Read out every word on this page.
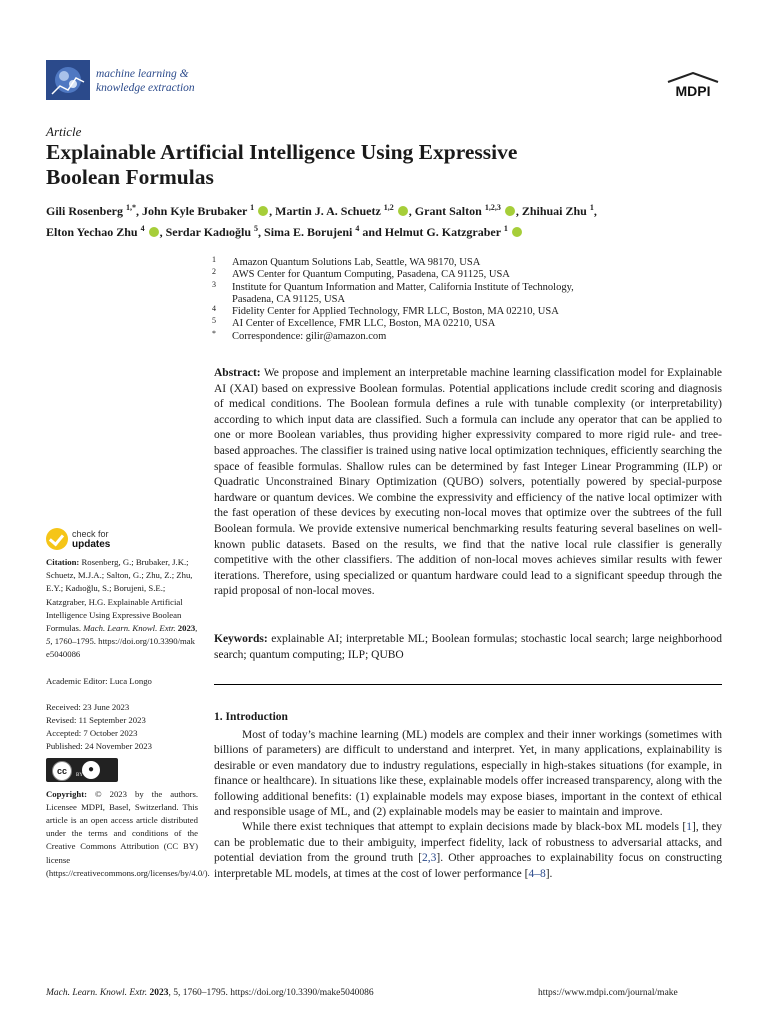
machine learning &
knowledge extraction	MDPI
Article
Explainable Artificial Intelligence Using Expressive
Boolean Formulas
Gili Rosenberg $^{1,*}$, John Kyle Brubaker $^1$ , Martin J. A. Schuetz $^{1,2}$ , Grant Salton $^{1,2,3}$ , Zhihuai Zhu $^1$,
Elton Yechao Zhu $^4$ , Serdar Kadıoğlu $^5$, Sima E. Borujeni $^4$ and Helmut G. Katzgraber $^1$
1 Amazon Quantum Solutions Lab, Seattle, WA 98170, USA
2 AWS Center for Quantum Computing, Pasadena, CA 91125, USA
3 Institute for Quantum Information and Matter, California Institute of Technology,
Pasadena, CA 91125, USA
4 Fidelity Center for Applied Technology, FMR LLC, Boston, MA 02210, USA
5 AI Center of Excellence, FMR LLC, Boston, MA 02210, USA
* Correspondence: gilir@amazon.com
check for
updates

Citation: Rosenberg, G.; Brubaker, J.K.; Schuetz, M.J.A.; Salton, G.; Zhu, Z.; Zhu, E.Y.; Kadıoğlu, S.; Borujeni, S.E.; Katzgraber, H.G. Explainable Artificial Intelligence Using Expressive Boolean Formulas. Mach. Learn. Knowl. Extr. 2023, 5, 1760–1795. https://doi.org/10.3390/make5040086

Academic Editor: Luca Longo

Received: 23 June 2023

Revised: 11 September 2023

Accepted: 7 October 2023

Published: 24 November 2023

cc	●
BY

Copyright: © 2023 by the authors. Licensee MDPI, Basel, Switzerland. This article is an open access article distributed under the terms and conditions of the Creative Commons Attribution (CC BY) license (https://creativecommons.org/licenses/by/4.0/).

Abstract: We propose and implement an interpretable machine learning classification model for Explainable AI (XAI) based on expressive Boolean formulas. Potential applications include credit scoring and diagnosis of medical conditions. The Boolean formula defines a rule with tunable complexity (or interpretability) according to which input data are classified. Such a formula can include any operator that can be applied to one or more Boolean variables, thus providing higher expressivity compared to more rigid rule- and tree-based approaches. The classifier is trained using native local optimization techniques, efficiently searching the space of feasible formulas. Shallow rules can be determined by fast Integer Linear Programming (ILP) or Quadratic Unconstrained Binary Optimization (QUBO) solvers, potentially powered by special-purpose hardware or quantum devices. We combine the expressivity and efficiency of the native local optimizer with the fast operation of these devices by executing non-local moves that optimize over the subtrees of the full Boolean formula. We provide extensive numerical benchmarking results featuring several baselines on well-known public datasets. Based on the results, we find that the native local rule classifier is generally competitive with the other classifiers. The addition of non-local moves achieves similar results with fewer iterations. Therefore, using specialized or quantum hardware could lead to a significant speedup through the rapid proposal of non-local moves.
Keywords: explainable AI; interpretable ML; Boolean formulas; stochastic local search; large neighborhood search; quantum computing; ILP; QUBO
1. Introduction

Most of today’s machine learning (ML) models are complex and their inner workings (sometimes with billions of parameters) are difficult to understand and interpret. Yet, in many applications, explainability is desirable or even mandatory due to industry regulations, especially in high-stakes situations (for example, in finance or healthcare). In situations like these, explainable models offer increased transparency, along with the following additional benefits: (1) explainable models may expose biases, important in the context of ethical and responsible usage of ML, and (2) explainable models may be easier to maintain and improve.

While there exist techniques that attempt to explain decisions made by black-box ML models [1], they can be problematic due to their ambiguity, imperfect fidelity, lack of robustness to adversarial attacks, and potential deviation from the ground truth [2,3]. Other approaches to explainability focus on constructing interpretable ML models, at times at the cost of lower performance [4–8].

Mach. Learn. Knowl. Extr. 2023, 5, 1760–1795. https://doi.org/10.3390/make5040086	https://www.mdpi.com/journal/make
